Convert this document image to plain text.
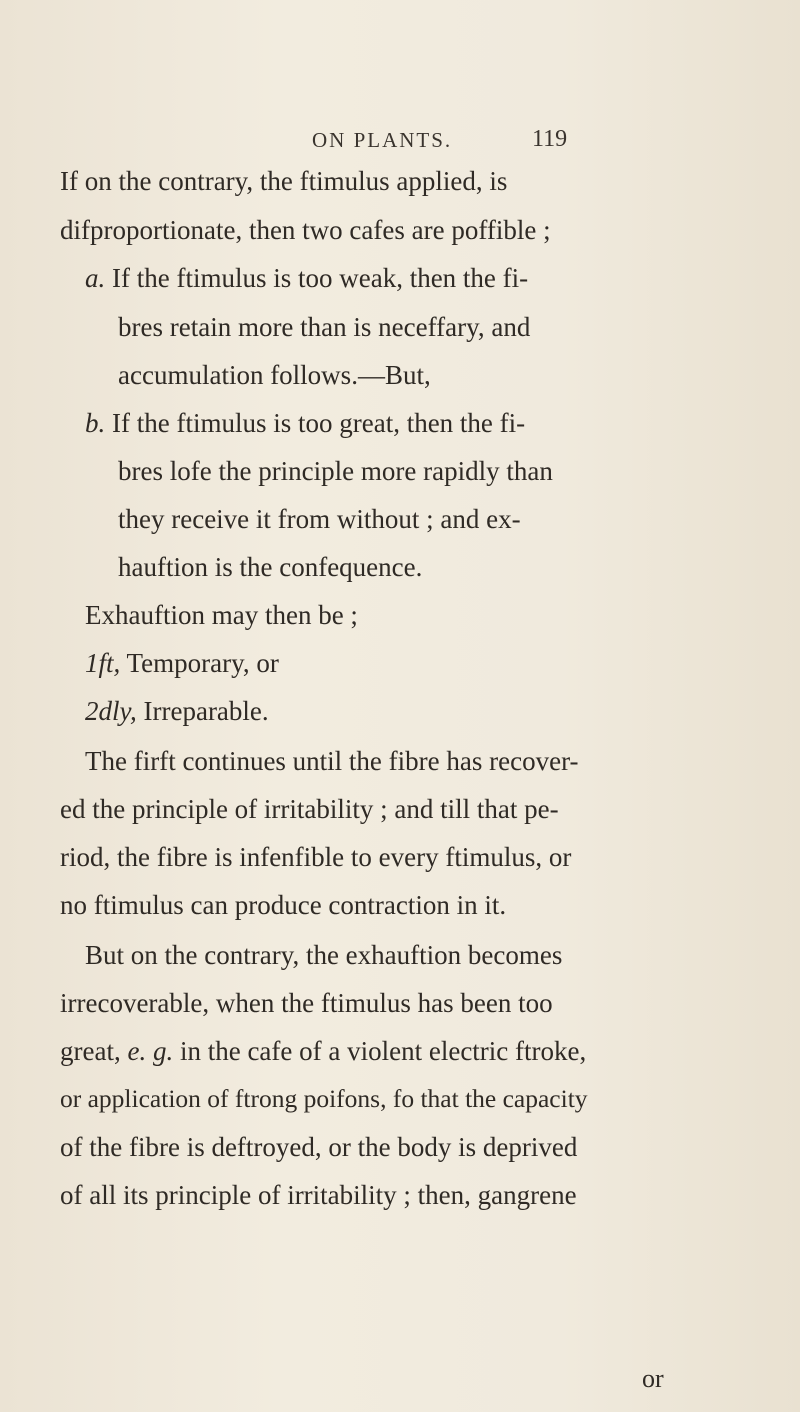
ON PLANTS.	119
If on the contrary, the ftimulus applied, is
difproportionate, then two cafes are poffible ;
a. If the ftimulus is too weak, then the fi-
bres retain more than is neceffary, and
accumulation follows.—But,
b. If the ftimulus is too great, then the fi-
bres lofe the principle more rapidly than
they receive it from without ; and ex-
hauftion is the confequence.
Exhauftion may then be ;
1ft, Temporary, or
2dly, Irreparable.
The firft continues until the fibre has recover-
ed the principle of irritability ; and till that pe-
riod, the fibre is infenfible to every ftimulus, or
no ftimulus can produce contraction in it.
But on the contrary, the exhauftion becomes
irrecoverable, when the ftimulus has been too
great, e. g. in the cafe of a violent electric ftroke,
or application of ftrong poifons, fo that the capacity
of the fibre is deftroyed, or the body is deprived
of all its principle of irritability ; then, gangrene
or
